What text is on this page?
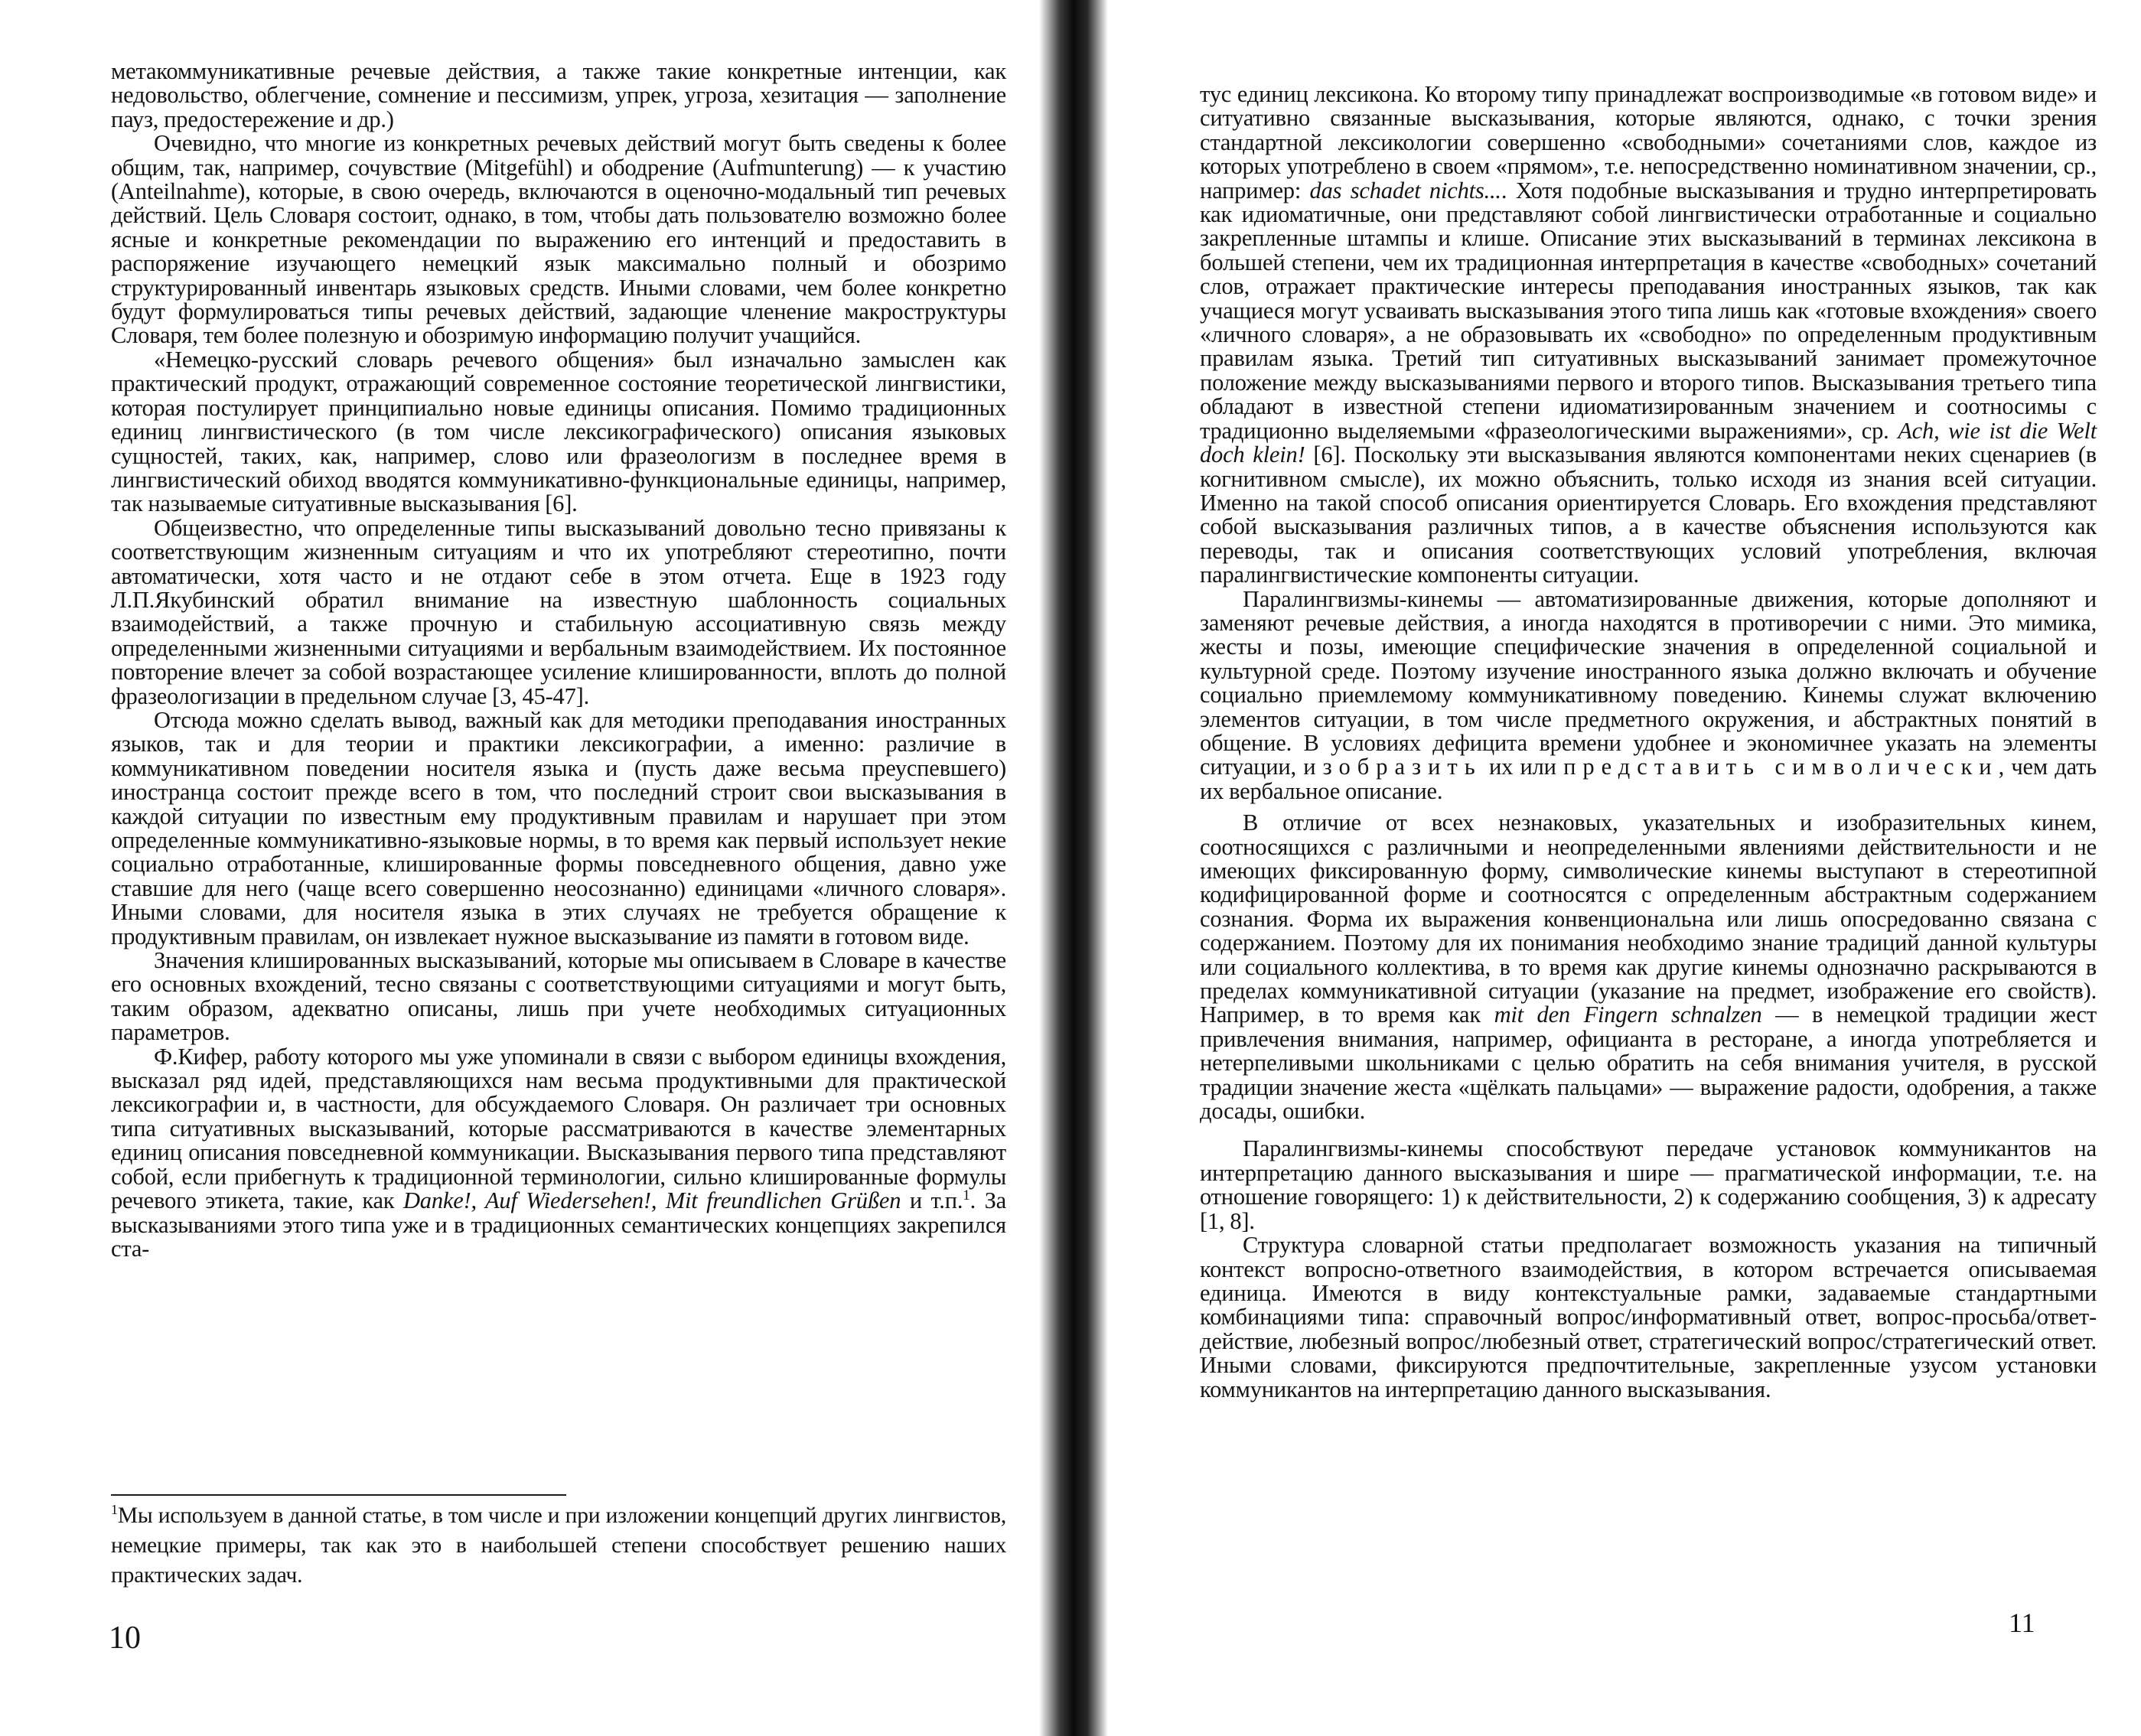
метакоммуникативные речевые действия, а также такие конкретные интенции, как недовольство, облегчение, сомнение и пессимизм, упрек, угроза, хезитация — заполнение пауз, предостережение и др.)

Очевидно, что многие из конкретных речевых действий могут быть сведены к более общим, так, например, сочувствие (Mitgefühl) и ободрение (Aufmunterung) — к участию (Anteilnahme), которые, в свою очередь, включаются в оценочно-модальный тип речевых действий. Цель Словаря состоит, однако, в том, чтобы дать пользователю возможно более ясные и конкретные рекомендации по выражению его интенций и предоставить в распоряжение изучающего немецкий язык максимально полный и обозримо структурированный инвентарь языковых средств. Иными словами, чем более конкретно будут формулироваться типы речевых действий, задающие членение макроструктуры Словаря, тем более полезную и обозримую информацию получит учащийся.

«Немецко-русский словарь речевого общения» был изначально замыслен как практический продукт, отражающий современное состояние теоретической лингвистики, которая постулирует принципиально новые единицы описания. Помимо традиционных единиц лингвистического (в том числе лексикографического) описания языковых сущностей, таких, как, например, слово или фразеологизм в последнее время в лингвистический обиход вводятся коммуникативно-функциональные единицы, например, так называемые ситуативные высказывания [6].

Общеизвестно, что определенные типы высказываний довольно тесно привязаны к соответствующим жизненным ситуациям и что их употребляют стереотипно, почти автоматически, хотя часто и не отдают себе в этом отчета. Еще в 1923 году Л.П.Якубинский обратил внимание на известную шаблонность социальных взаимодействий, а также прочную и стабильную ассоциативную связь между определенными жизненными ситуациями и вербальным взаимодействием. Их постоянное повторение влечет за собой возрастающее усиление клишированности, вплоть до полной фразеологизации в предельном случае [3, 45-47].

Отсюда можно сделать вывод, важный как для методики преподавания иностранных языков, так и для теории и практики лексикографии, а именно: различие в коммуникативном поведении носителя языка и (пусть даже весьма преуспевшего) иностранца состоит прежде всего в том, что последний строит свои высказывания в каждой ситуации по известным ему продуктивным правилам и нарушает при этом определенные коммуникативно-языковые нормы, в то время как первый использует некие социально отработанные, клишированные формы повседневного общения, давно уже ставшие для него (чаще всего совершенно неосознанно) единицами «личного словаря». Иными словами, для носителя языка в этих случаях не требуется обращение к продуктивным правилам, он извлекает нужное высказывание из памяти в готовом виде.

Значения клишированных высказываний, которые мы описываем в Словаре в качестве его основных вхождений, тесно связаны с соответствующими ситуациями и могут быть, таким образом, адекватно описаны, лишь при учете необходимых ситуационных параметров.

Ф.Кифер, работу которого мы уже упоминали в связи с выбором единицы вхождения, высказал ряд идей, представляющихся нам весьма продуктивными для практической лексикографии и, в частности, для обсуждаемого Словаря. Он различает три основных типа ситуативных высказываний, которые рассматриваются в качестве элементарных единиц описания повседневной коммуникации. Высказывания первого типа представляют собой, если прибегнуть к традиционной терминологии, сильно клишированные формулы речевого этикета, такие, как Danke!, Auf Wiedersehen!, Mit freundlichen Grüßen и т.п.$^1$. За высказываниями этого типа уже и в традиционных семантических концепциях закрепился ста-

$^1$Мы используем в данной статье, в том числе и при изложении концепций других лингвистов, немецкие примеры, так как это в наибольшей степени способствует решению наших практических задач.
10

тус единиц лексикона. Ко второму типу принадлежат воспроизводимые «в готовом виде» и ситуативно связанные высказывания, которые являются, однако, с точки зрения стандартной лексикологии совершенно «свободными» сочетаниями слов, каждое из которых употреблено в своем «прямом», т.е. непосредственно номинативном значении, ср., например: das schadet nichts.... Хотя подобные высказывания и трудно интерпретировать как идиоматичные, они представляют собой лингвистически отработанные и социально закрепленные штампы и клише. Описание этих высказываний в терминах лексикона в большей степени, чем их традиционная интерпретация в качестве «свободных» сочетаний слов, отражает практические интересы преподавания иностранных языков, так как учащиеся могут усваивать высказывания этого типа лишь как «готовые вхождения» своего «личного словаря», а не образовывать их «свободно» по определенным продуктивным правилам языка. Третий тип ситуативных высказываний занимает промежуточное положение между высказываниями первого и второго типов. Высказывания третьего типа обладают в известной степени идиоматизированным значением и соотносимы с традиционно выделяемыми «фразеологическими выражениями», ср. Ach, wie ist die Welt doch klein! [6]. Поскольку эти высказывания являются компонентами неких сценариев (в когнитивном смысле), их можно объяснить, только исходя из знания всей ситуации. Именно на такой способ описания ориентируется Словарь. Его вхождения представляют собой высказывания различных типов, а в качестве объяснения используются как переводы, так и описания соответствующих условий употребления, включая паралингвистические компоненты ситуации.

Паралингвизмы-кинемы — автоматизированные движения, которые дополняют и заменяют речевые действия, а иногда находятся в противоречии с ними. Это мимика, жесты и позы, имеющие специфические значения в определенной социальной и культурной среде. Поэтому изучение иностранного языка должно включать и обучение социально приемлемому коммуникативному поведению. Кинемы служат включению элементов ситуации, в том числе предметного окружения, и абстрактных понятий в общение. В условиях дефицита времени удобнее и экономичнее указать на элементы ситуации, изобразить их или представить символически, чем дать их вербальное описание.

В отличие от всех незнаковых, указательных и изобразительных кинем, соотносящихся с различными и неопределенными явлениями действительности и не имеющих фиксированную форму, символические кинемы выступают в стереотипной кодифицированной форме и соотносятся с определенным абстрактным содержанием сознания. Форма их выражения конвенциональна или лишь опосредованно связана с содержанием. Поэтому для их понимания необходимо знание традиций данной культуры или социального коллектива, в то время как другие кинемы однозначно раскрываются в пределах коммуникативной ситуации (указание на предмет, изображение его свойств). Например, в то время как mit den Fingern schnalzen — в немецкой традиции жест привлечения внимания, например, официанта в ресторане, а иногда употребляется и нетерпеливыми школьниками с целью обратить на себя внимания учителя, в русской традиции значение жеста «щёлкать пальцами» — выражение радости, одобрения, а также досады, ошибки.

Паралингвизмы-кинемы способствуют передаче установок коммуникантов на интерпретацию данного высказывания и шире — прагматической информации, т.е. на отношение говорящего: 1) к действительности, 2) к содержанию сообщения, 3) к адресату [1, 8].

Структура словарной статьи предполагает возможность указания на типичный контекст вопросно-ответного взаимодействия, в котором встречается описываемая единица. Имеются в виду контекстуальные рамки, задаваемые стандартными комбинациями типа: справочный вопрос/информативный ответ, вопрос-просьба/ответ-действие, любезный вопрос/любезный ответ, стратегический вопрос/стратегический ответ. Иными словами, фиксируются предпочтительные, закрепленные узусом установки коммуникантов на интерпретацию данного высказывания.

11
